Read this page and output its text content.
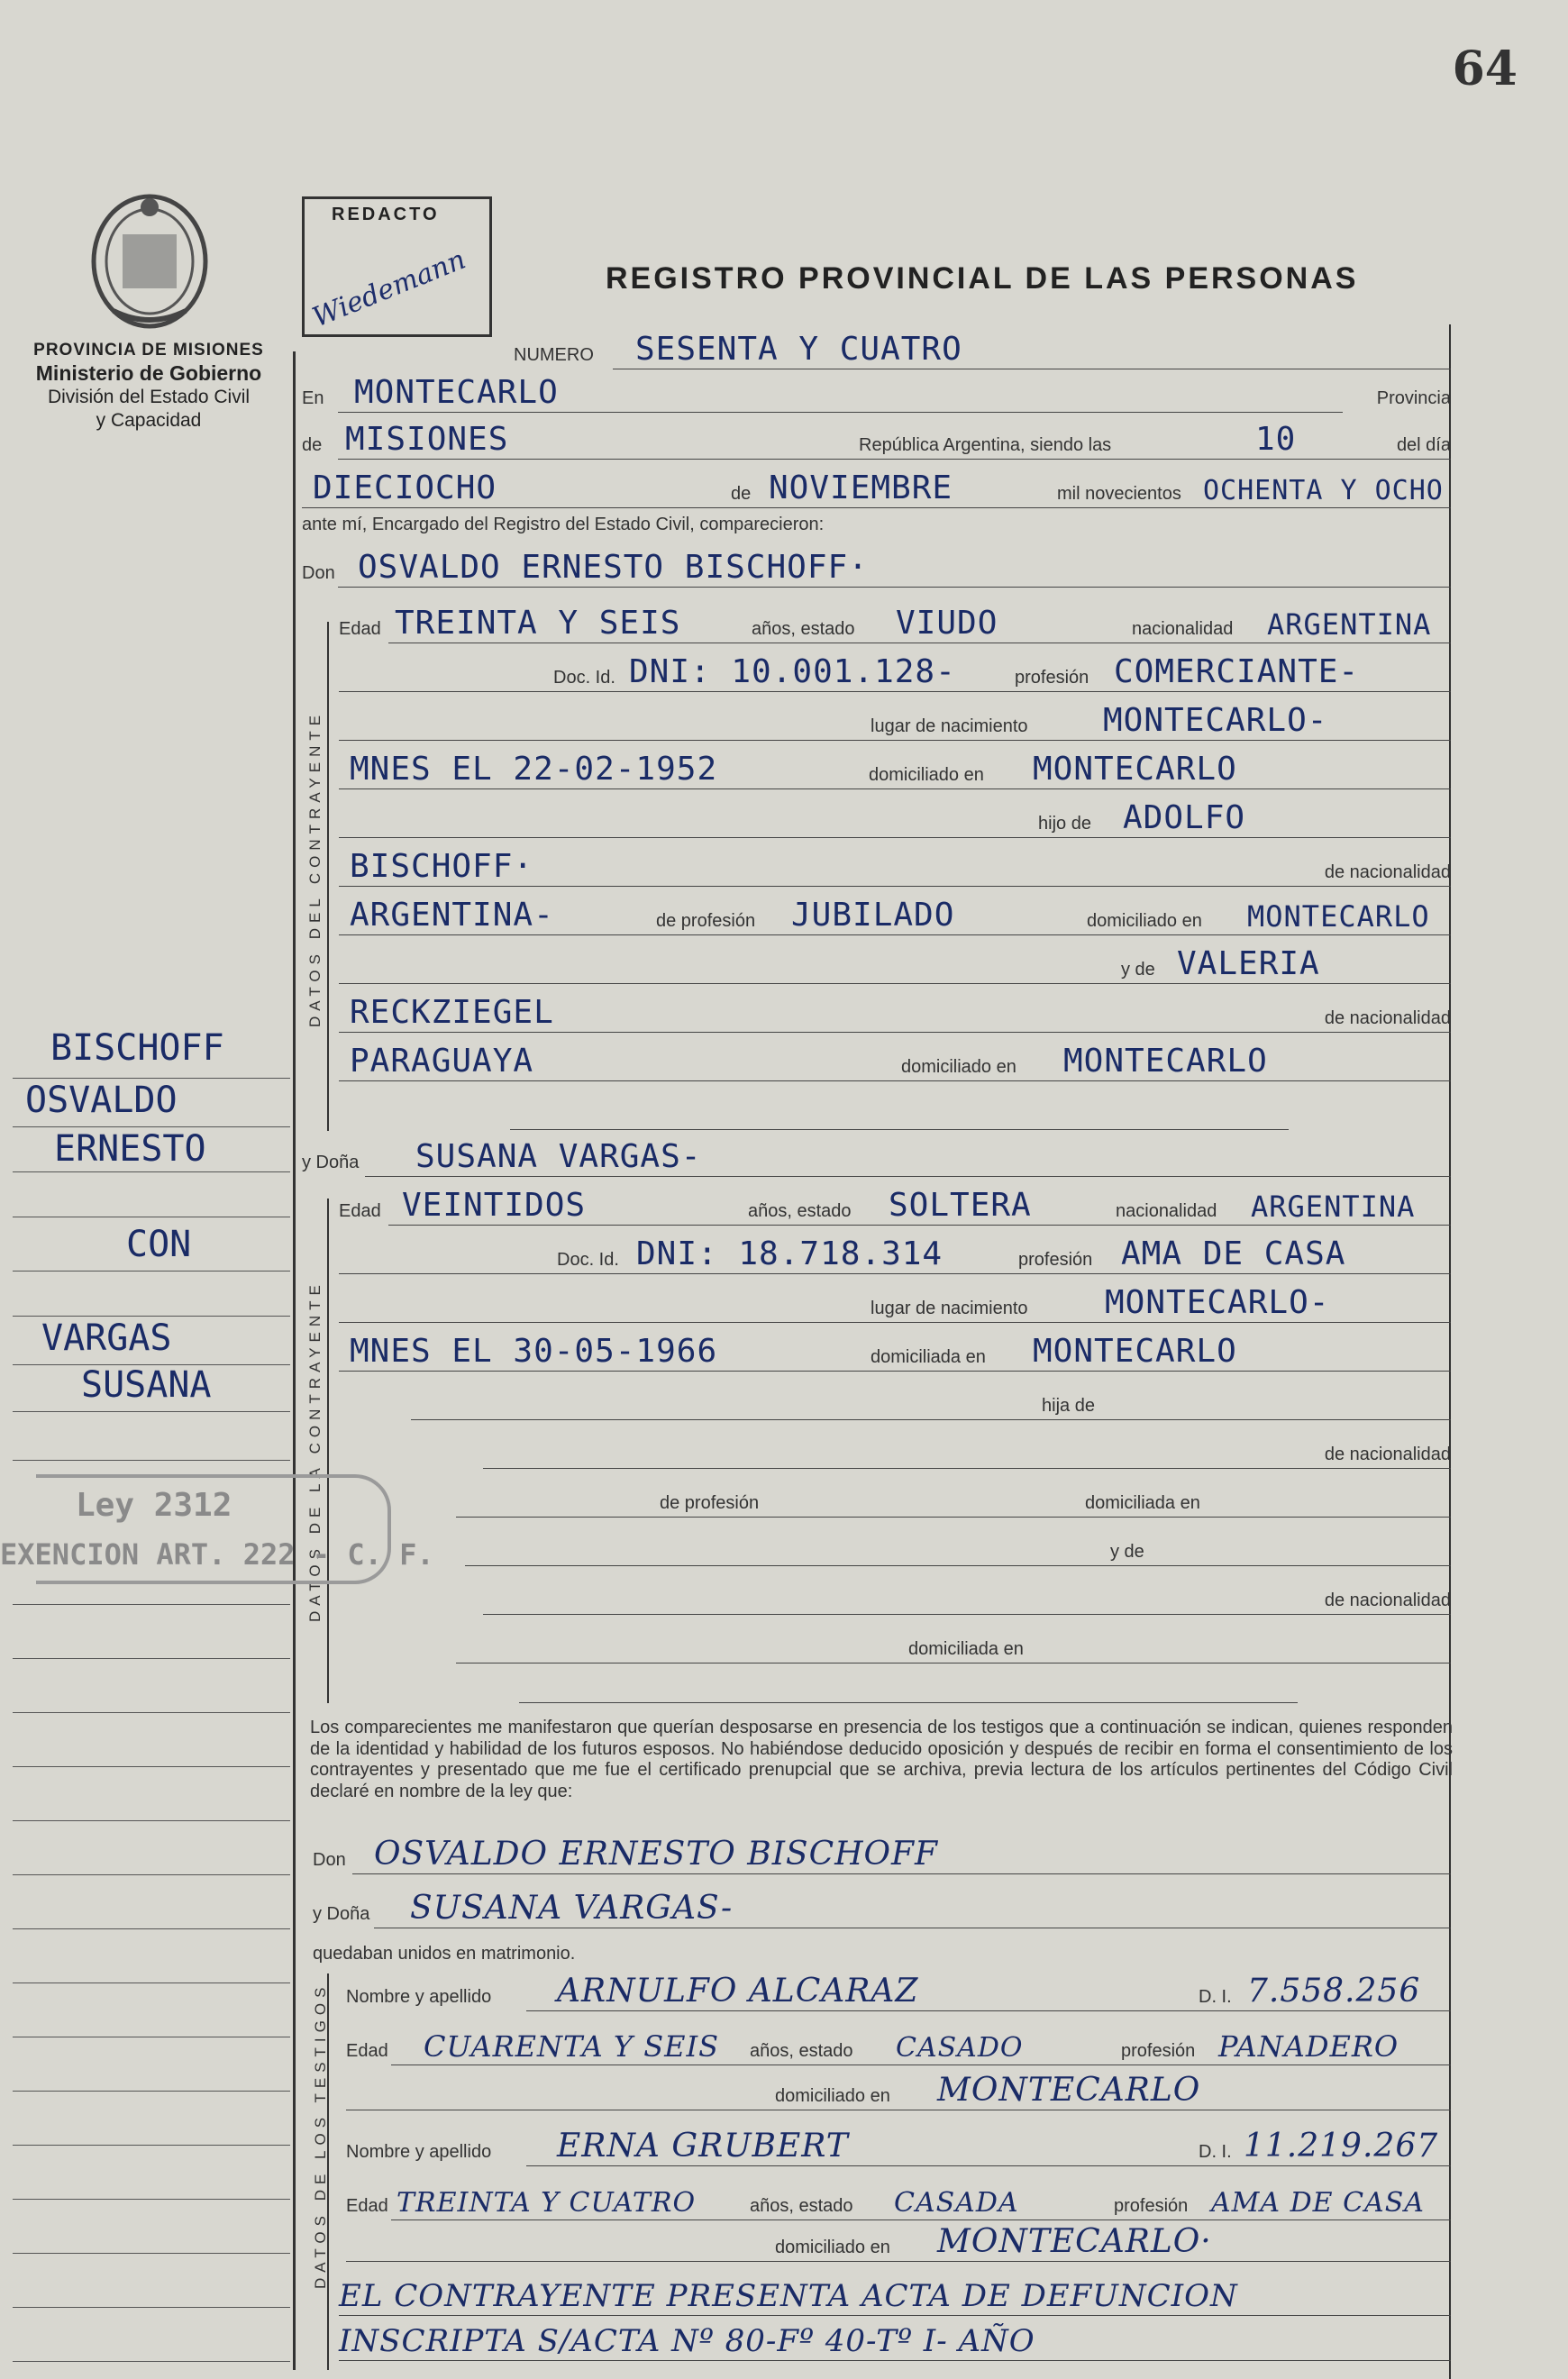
64
PROVINCIA DE MISIONES
Ministerio de Gobierno
División del Estado Civil
y Capacidad
REDACTO
Wiedemann	REGISTRO PROVINCIAL DE LAS PERSONAS
DATOS DEL CONTRAYENTE
DATOS DE LA CONTRAYENTE
DATOS DE LOS TESTIGOS
NUMERO SESENTA Y CUATRO
En MONTECARLO	Provincia
de MISIONES	República Argentina, siendo las	10	del día
DIECIOCHO	de NOVIEMBRE	mil novecientos OCHENTA Y OCHO
ante mí, Encargado del Registro del Estado Civil, comparecieron:
Don OSVALDO ERNESTO BISCHOFF·
Edad TREINTA Y SEIS	años, estado VIUDO	nacionalidad ARGENTINA
Doc. Id. DNI: 10.001.128-	profesión COMERCIANTE-
lugar de nacimiento MONTECARLO-
MNES EL 22-02-1952	domiciliado en MONTECARLO
hijo de ADOLFO
BISCHOFF·	de nacionalidad
ARGENTINA-	de profesión JUBILADO	domiciliado en MONTECARLO
y de VALERIA
RECKZIEGEL	de nacionalidad
PARAGUAYA	domiciliado en MONTECARLO
y Doña SUSANA VARGAS-
Edad VEINTIDOS	años, estado SOLTERA	nacionalidad ARGENTINA
Doc. Id. DNI: 18.718.314	profesión AMA DE CASA
lugar de nacimiento MONTECARLO-
MNES EL 30-05-1966	domiciliada en MONTECARLO
hija de
de nacionalidad
de profesión	domiciliada en
y de
de nacionalidad
domiciliada en
Los comparecientes me manifestaron que querían desposarse en presencia de los testigos que a continuación se indican, quienes responden de la identidad y habilidad de los futuros esposos. No habiéndose deducido oposición y después de recibir en forma el consentimiento de los contrayentes y presentado que me fue el certificado prenupcial que se archiva, previa lectura de los artículos pertinentes del Código Civil declaré en nombre de la ley que:
Don OSVALDO ERNESTO BISCHOFF
y Doña SUSANA VARGAS-
quedaban unidos en matrimonio.
Nombre y apellido ARNULFO ALCARAZ	D. I. 7.558.256
Edad CUARENTA Y SEIS años, estado CASADO	profesión PANADERO
domiciliado en MONTECARLO
Nombre y apellido ERNA GRUBERT	D. I. 11.219.267
Edad TREINTA Y CUATRO	años, estado CASADA	profesión AMA DE CASA
domiciliado en MONTECARLO·
EL CONTRAYENTE PRESENTA ACTA DE DEFUNCION
INSCRIPTA S/ACTA Nº 80-Fº 40-Tº I- AÑO
BISCHOFF
OSVALDO
ERNESTO
CON
VARGAS
SUSANA
Ley 2312
EXENCION ART. 222 - C. F.
